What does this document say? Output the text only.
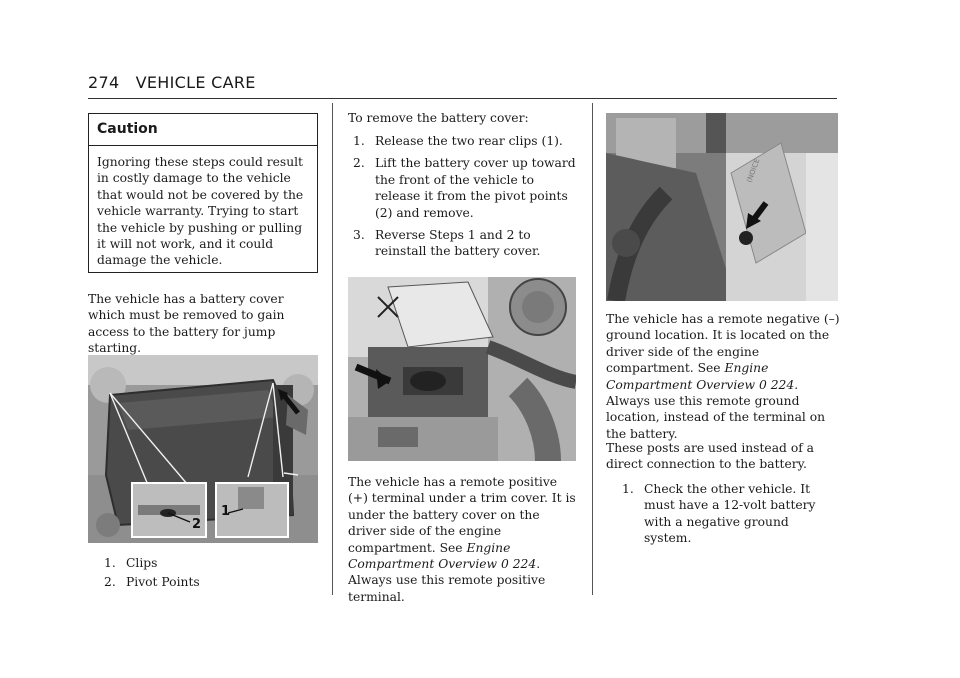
274 VEHICLE CARE
Caution
Ignoring these steps could result in costly damage to the vehicle that would not be covered by the vehicle warranty. Trying to start the vehicle by pushing or pulling it will not work, and it could damage the vehicle.

The vehicle has a battery cover which must be removed to gain access to the battery for jump starting.

2
1
1. Clips
2. Pivot Points

To remove the battery cover:

1. Release the two rear clips (1).
2. Lift the battery cover up toward the front of the vehicle to release it from the pivot points (2) and remove.
3. Reverse Steps 1 and 2 to reinstall the battery cover.

The vehicle has a remote positive (+) terminal under a trim cover. It is under the battery cover on the driver side of the engine compartment. See Engine Compartment Overview 0 224. Always use this remote positive terminal.

(NOICE

The vehicle has a remote negative (–) ground location. It is located on the driver side of the engine compartment. See Engine Compartment Overview 0 224. Always use this remote ground location, instead of the terminal on the battery.

These posts are used instead of a direct connection to the battery.

1. Check the other vehicle. It must have a 12-volt battery with a negative ground system.
